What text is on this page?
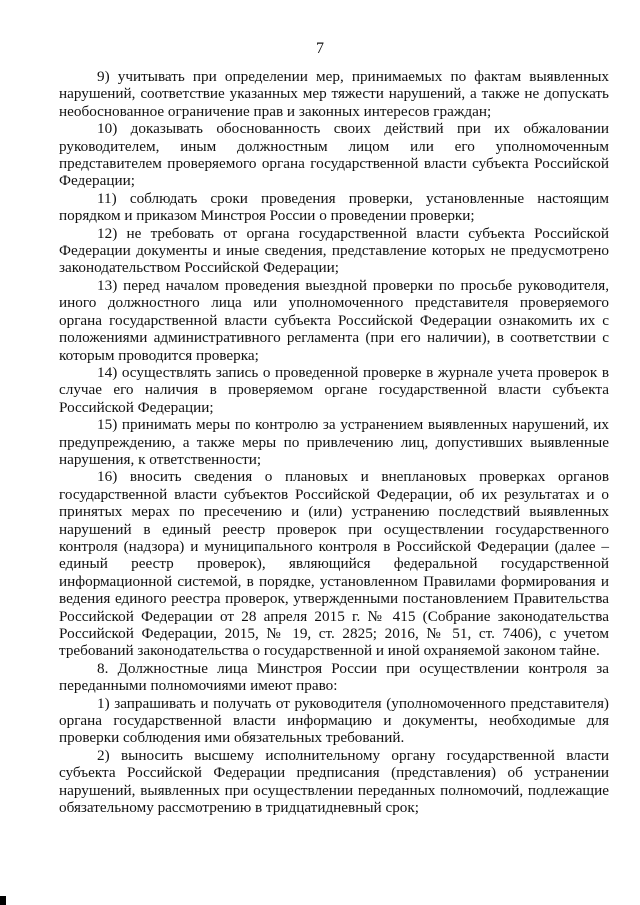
7

9) учитывать при определении мер, принимаемых по фактам выявленных нарушений, соответствие указанных мер тяжести нарушений, а также не допускать необоснованное ограничение прав и законных интересов граждан;

10) доказывать обоснованность своих действий при их обжаловании руководителем, иным должностным лицом или его уполномоченным представителем проверяемого органа государственной власти субъекта Российской Федерации;

11) соблюдать сроки проведения проверки, установленные настоящим порядком и приказом Минстроя России о проведении проверки;

12) не требовать от органа государственной власти субъекта Российской Федерации документы и иные сведения, представление которых не предусмотрено законодательством Российской Федерации;

13) перед началом проведения выездной проверки по просьбе руководителя, иного должностного лица или уполномоченного представителя проверяемого органа государственной власти субъекта Российской Федерации ознакомить их с положениями административного регламента (при его наличии), в соответствии с которым проводится проверка;

14) осуществлять запись о проведенной проверке в журнале учета проверок в случае его наличия в проверяемом органе государственной власти субъекта Российской Федерации;

15) принимать меры по контролю за устранением выявленных нарушений, их предупреждению, а также меры по привлечению лиц, допустивших выявленные нарушения, к ответственности;

16) вносить сведения о плановых и внеплановых проверках органов государственной власти субъектов Российской Федерации, об их результатах и о принятых мерах по пресечению и (или) устранению последствий выявленных нарушений в единый реестр проверок при осуществлении государственного контроля (надзора) и муниципального контроля в Российской Федерации (далее – единый реестр проверок), являющийся федеральной государственной информационной системой, в порядке, установленном Правилами формирования и ведения единого реестра проверок, утвержденными постановлением Правительства Российской Федерации от 28 апреля 2015 г. № 415 (Собрание законодательства Российской Федерации, 2015, № 19, ст. 2825; 2016, № 51, ст. 7406), с учетом требований законодательства о государственной и иной охраняемой законом тайне.

8. Должностные лица Минстроя России при осуществлении контроля за переданными полномочиями имеют право:

1) запрашивать и получать от руководителя (уполномоченного представителя) органа государственной власти информацию и документы, необходимые для проверки соблюдения ими обязательных требований.

2) выносить высшему исполнительному органу государственной власти субъекта Российской Федерации предписания (представления) об устранении нарушений, выявленных при осуществлении переданных полномочий, подлежащие обязательному рассмотрению в тридцатидневный срок;
